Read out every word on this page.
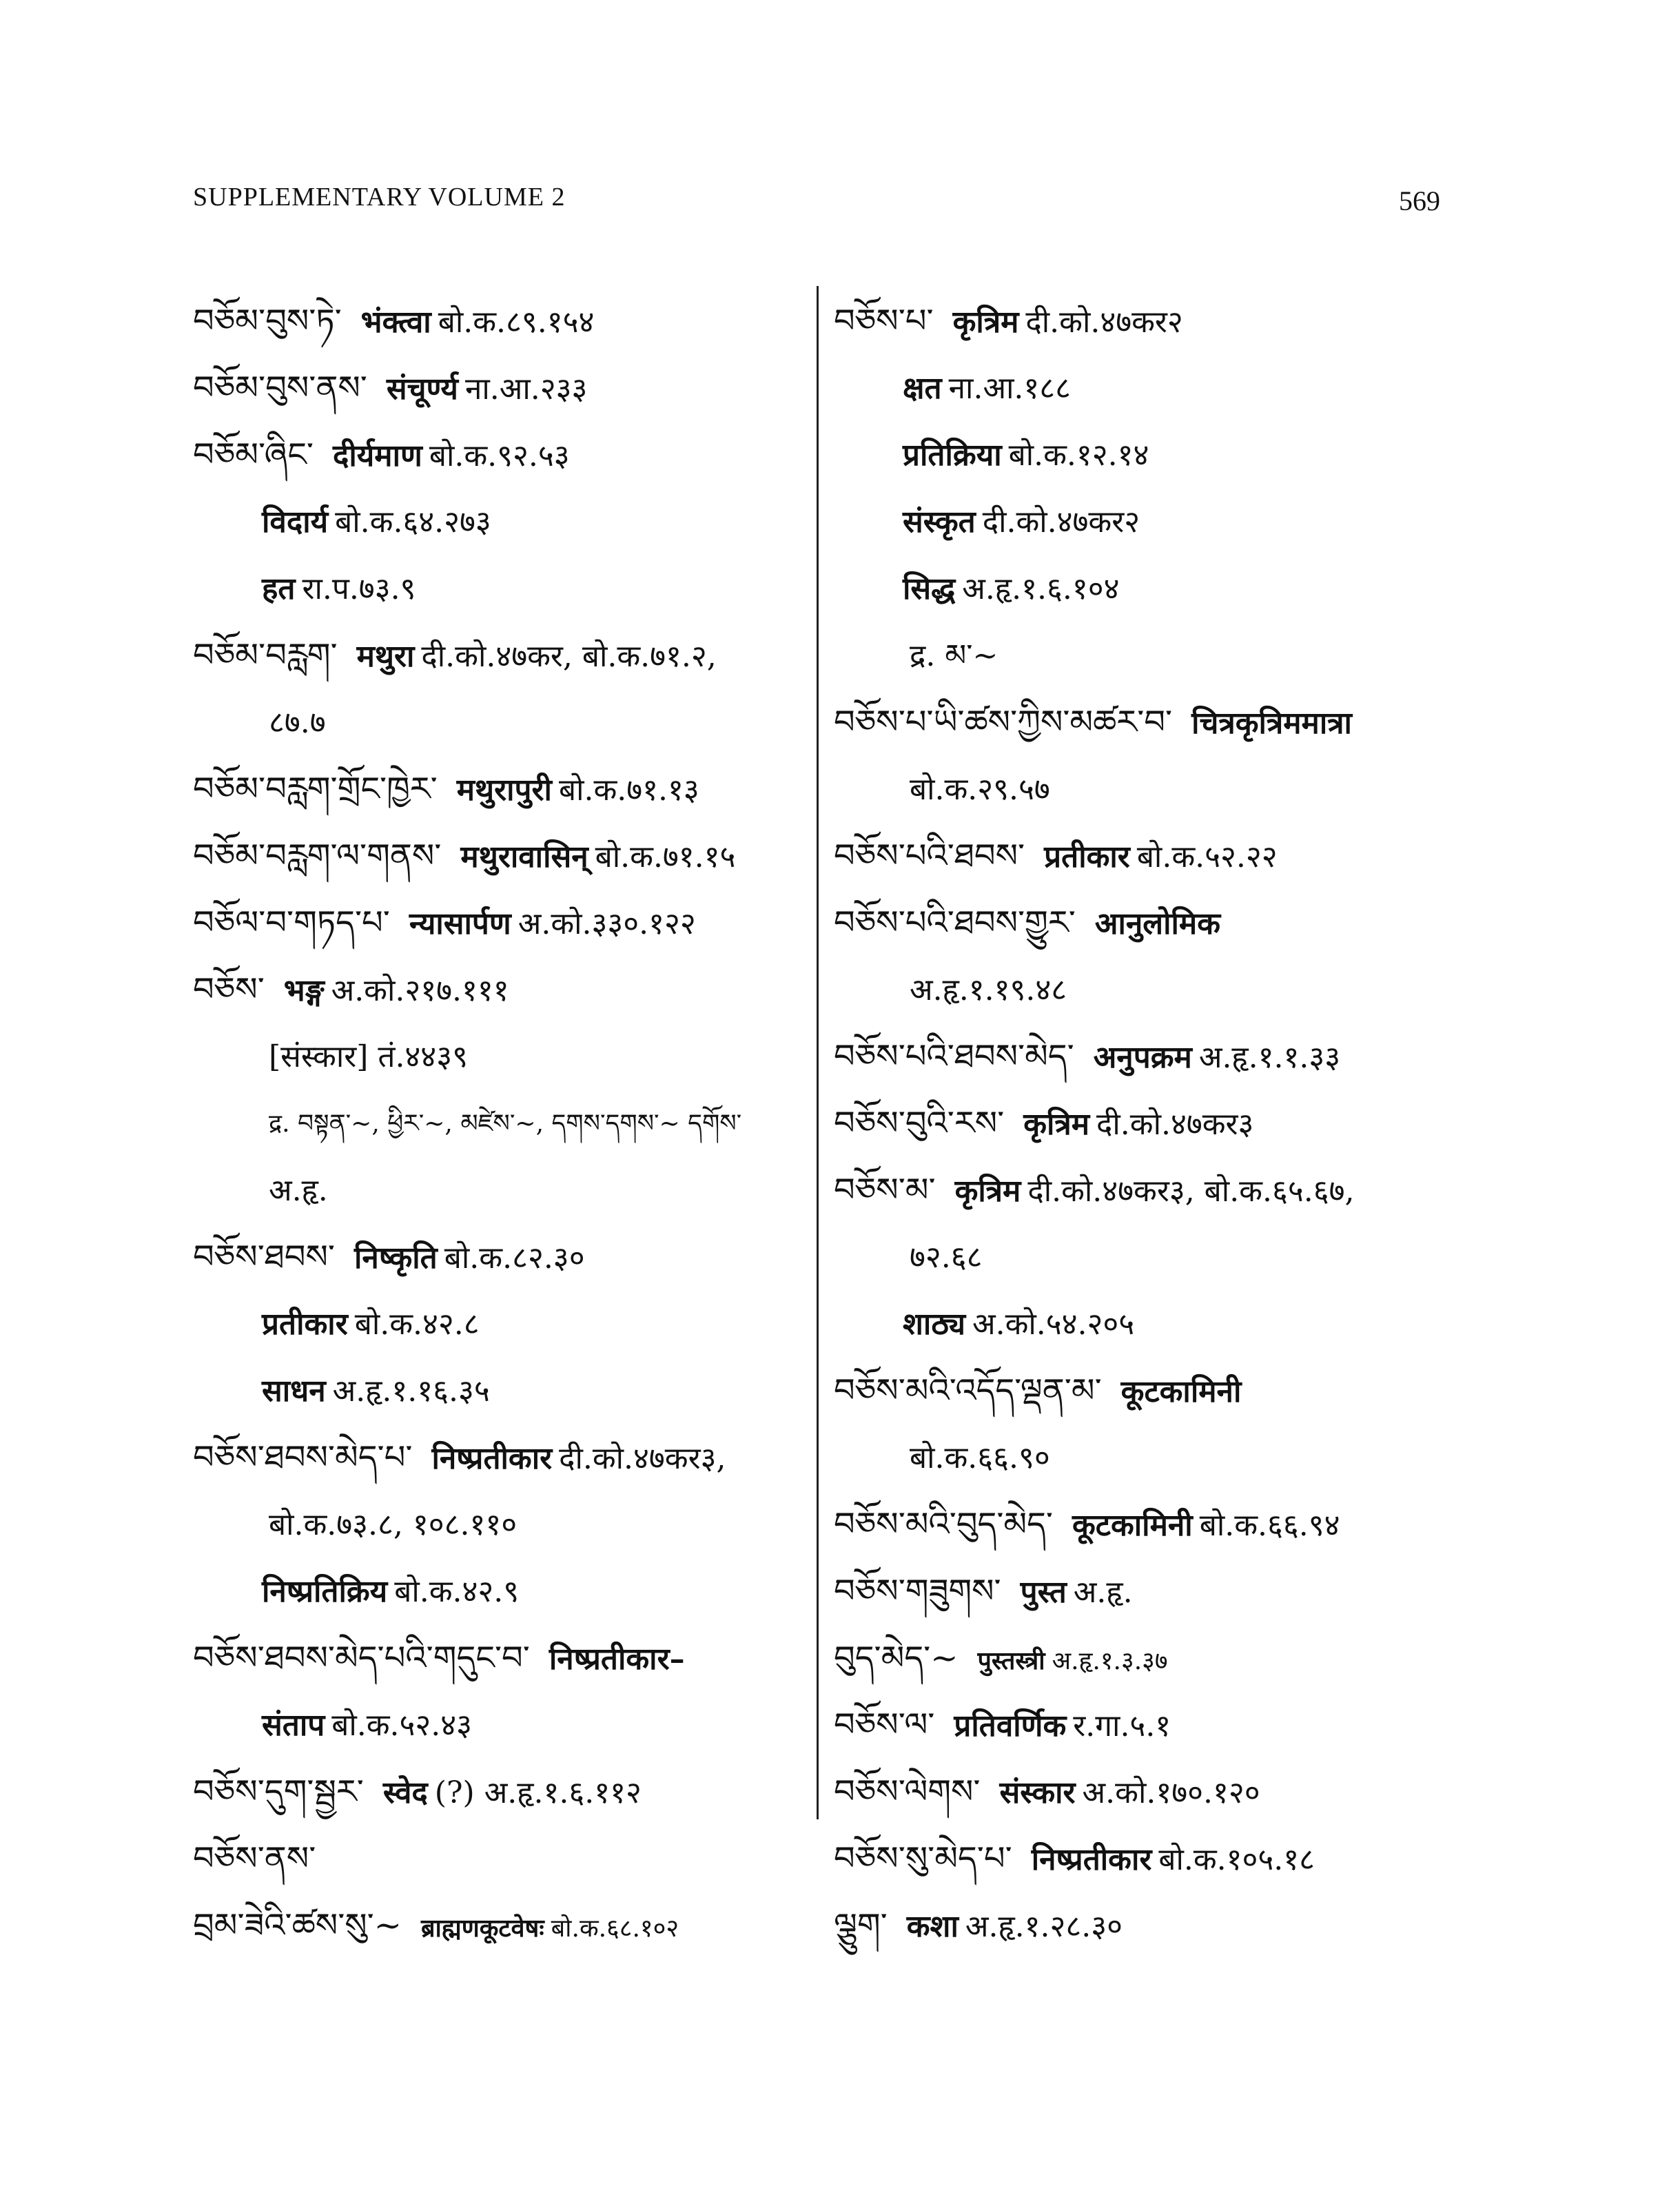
SUPPLEMENTARY VOLUME 2	569
བཅོམ་བུས་ཏེ་ भंक्त्वा बो.क.८९.१५४
བཅོམ་བུས་ནས་ संचूर्ण्य ना.आ.२३३
བཅོམ་ཞིང་ दीर्यमाण बो.क.९२.५३
विदार्य बो.क.६४.२७३
हत रा.प.७३.९
བཅོམ་བརླག་ मथुरा दी.को.४७कर, बो.क.७१.२,
८७.७
བཅོམ་བརླག་གྲོང་ཁྱེར་ मथुरापुरी बो.क.७१.१३
བཅོམ་བརླག་ལ་གནས་ मथुरावासिन् बो.क.७१.१५
བཅོལ་བ་གཏད་པ་ न्यासार्पण अ.को.३३०.१२२
བཅོས་ भङ्ग अ.को.२१७.१११
[संस्कार] तं.४४३९
द्र. བསྟན་~, ཕྱིར་~, མཛེས་~, དགས་དགས་~ དགོས་
अ.हृ.
བཅོས་ཐབས་ निष्कृति बो.क.८२.३०
प्रतीकार बो.क.४२.८
साधन अ.हृ.१.१६.३५
བཅོས་ཐབས་མེད་པ་ निष्प्रतीकार दी.को.४७कर३,
बो.क.७३.८, १०८.११०
निष्प्रतिक्रिय बो.क.४२.९
བཅོས་ཐབས་མེད་པའི་གདུང་བ་ निष्प्रतीकार–
संताप बो.क.५२.४३
བཅོས་དུག་སྦྱར་ स्वेद (?) अ.हृ.१.६.११२
བཅོས་ནས་
བྲམ་ཟེའི་ཚས་སུ་~ ब्राह्मणकूटवेषः बो.क.६८.१०२
བཅོས་པ་ कृत्रिम दी.को.४७कर२
क्षत ना.आ.१८८
प्रतिक्रिया बो.क.१२.१४
संस्कृत दी.को.४७कर२
सिद्ध अ.हृ.१.६.१०४
द्र. མ་~
བཅོས་པ་ཡི་ཚས་ཀྱིས་མཚར་བ་ चित्रकृत्रिममात्रा
बो.क.२९.५७
བཅོས་པའི་ཐབས་ प्रतीकार बो.क.५२.२२
བཅོས་པའི་ཐབས་གྱུར་ आनुलोमिक
अ.हृ.१.१९.४८
བཅོས་པའི་ཐབས་མེད་ अनुपक्रम अ.हृ.१.१.३३
བཅོས་བུའི་རས་ कृत्रिम दी.को.४७कर३
བཅོས་མ་ कृत्रिम दी.को.४७कर३, बो.क.६५.६७,
७२.६८
शाठ्य अ.को.५४.२०५
བཅོས་མའི་འདོད་ལྡན་མ་ कूटकामिनी
बो.क.६६.९०
བཅོས་མའི་བུད་མེད་ कूटकामिनी बो.क.६६.९४
བཅོས་གཟུགས་ पुस्त अ.हृ.
བུད་མེད་~ पुस्तस्त्री अ.हृ.१.३.३७
བཅོས་ལ་ प्रतिवर्णिक र.गा.५.१
བཅོས་ལེགས་ संस्कार अ.को.१७०.१२०
བཅོས་སུ་མེད་པ་ निष्प्रतीकार बो.क.१०५.१८
ལྕུག་ कशा अ.हृ.१.२८.३०
